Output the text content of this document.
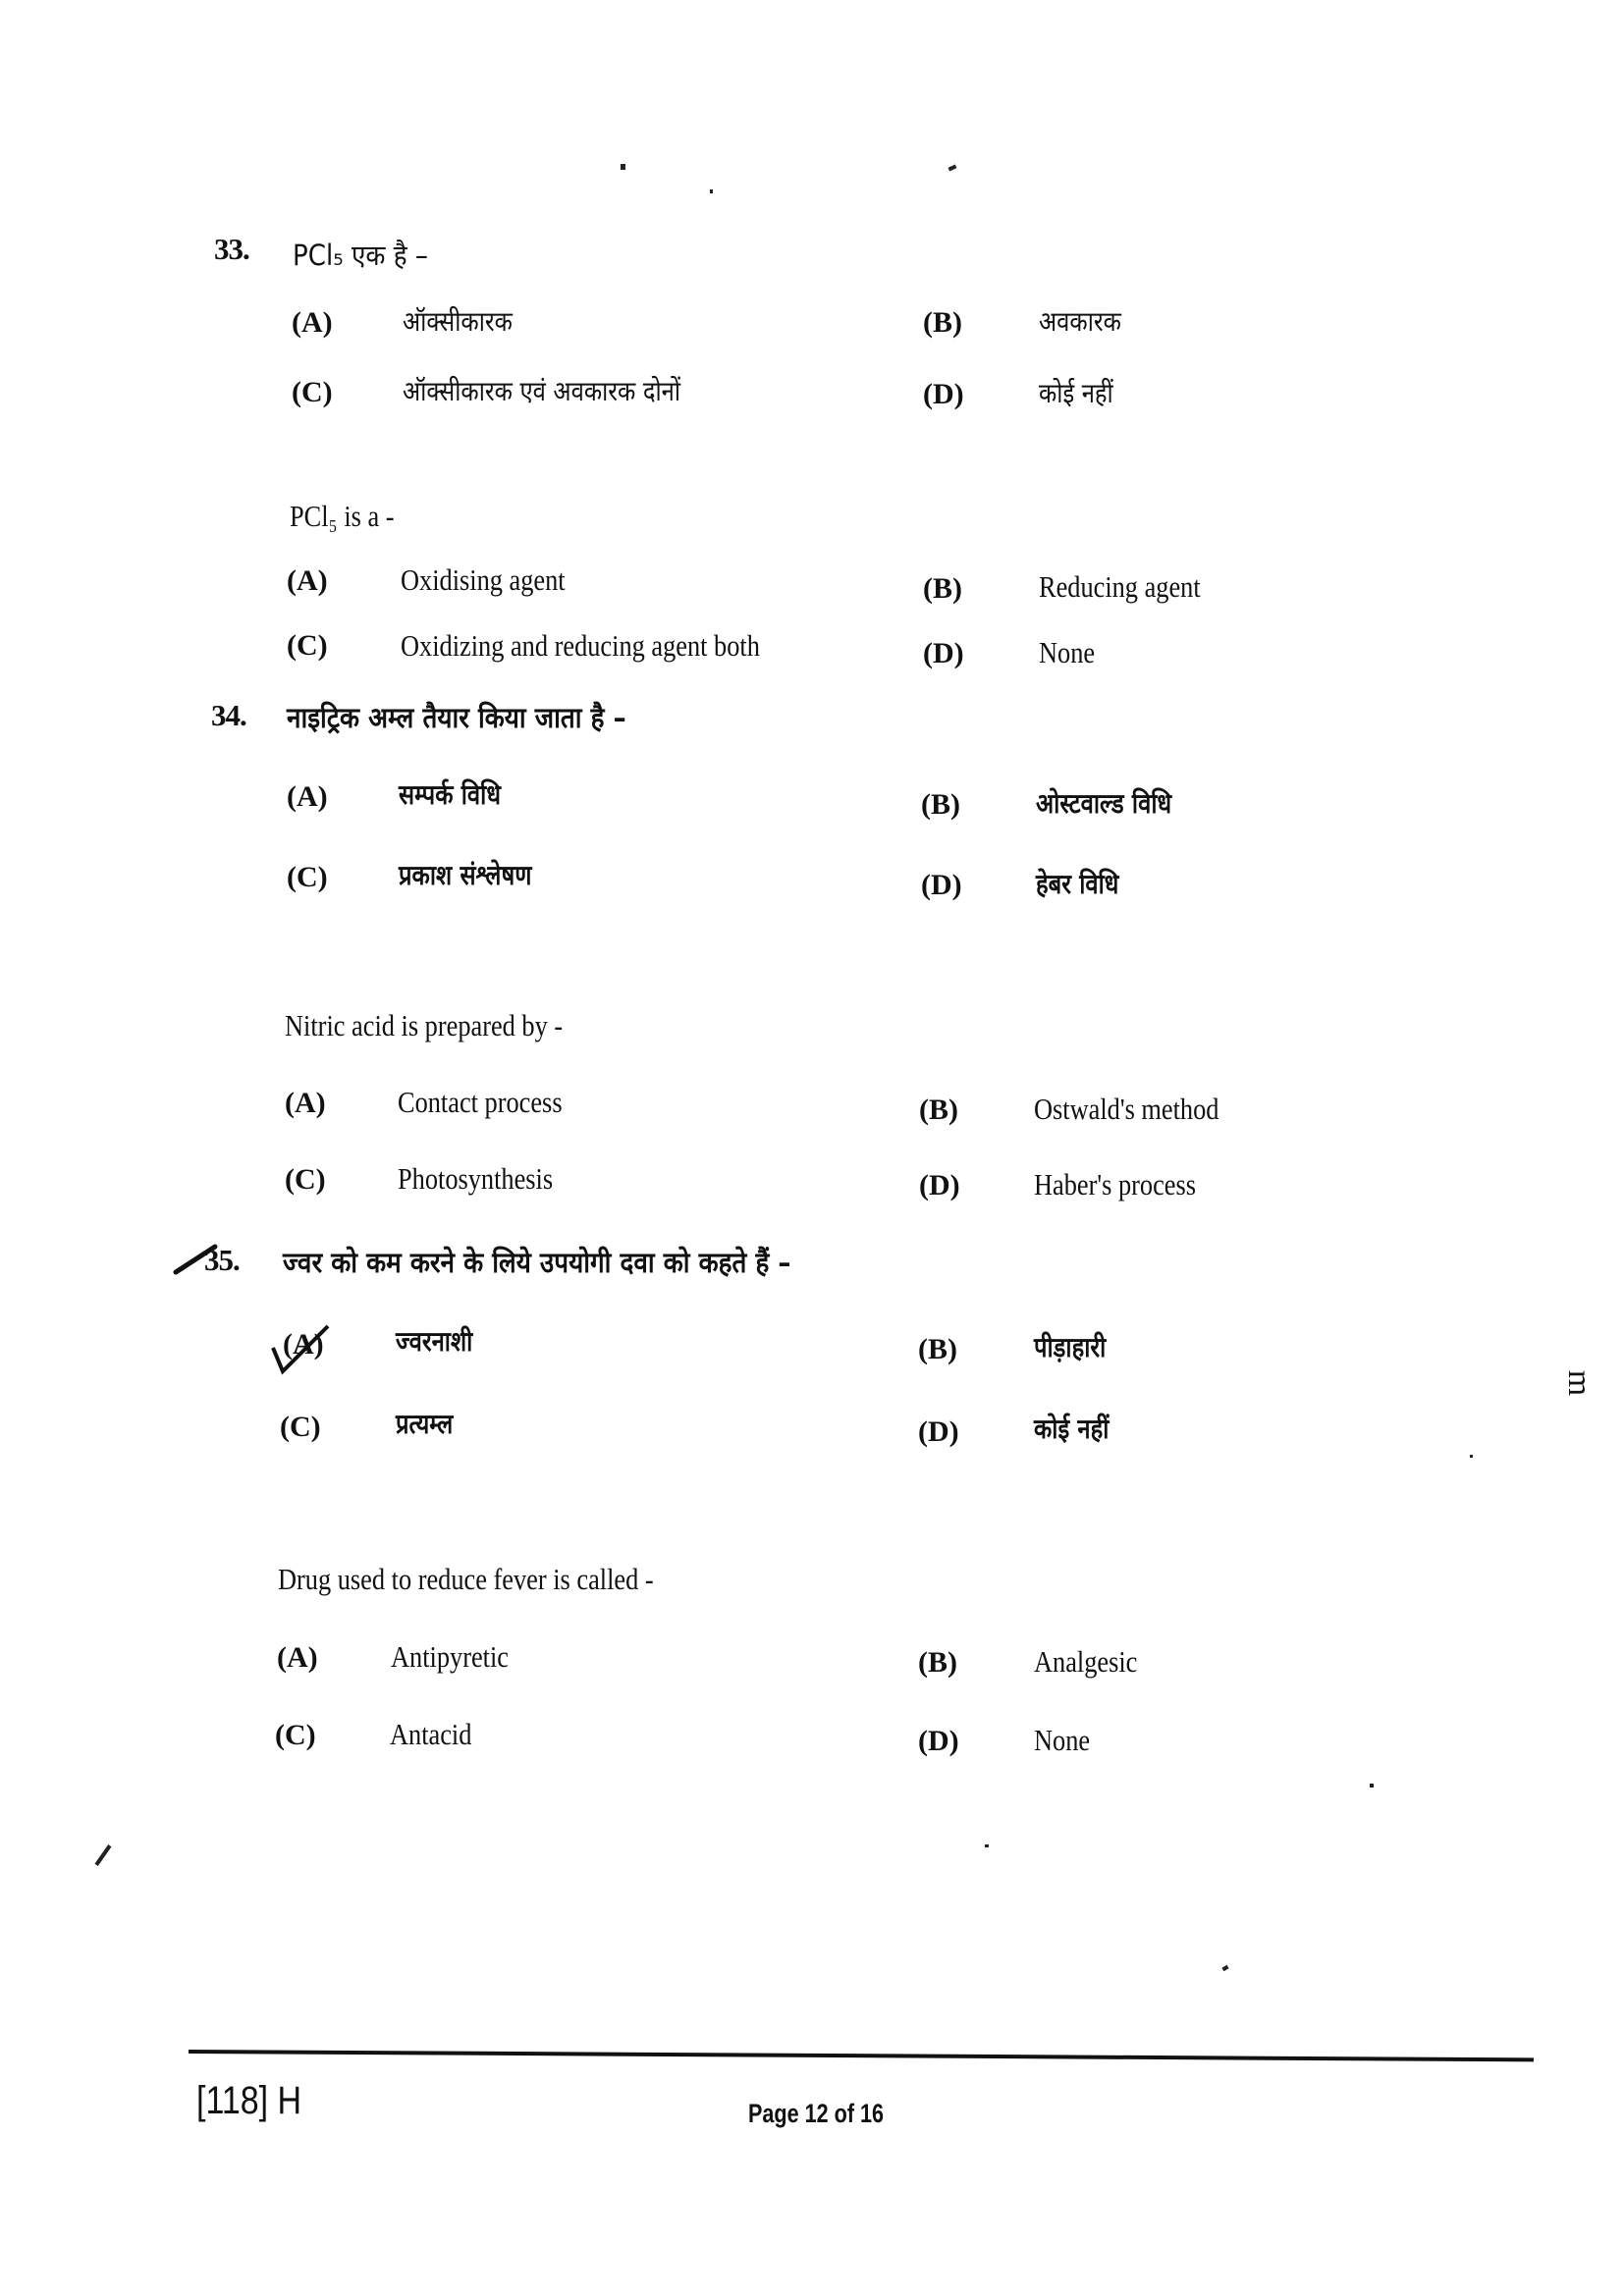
33. PCl₅ एक है –
(A)	ऑक्सीकारक	(B)	अवकारक
(C)	ऑक्सीकारक एवं अवकारक दोनों	(D)	कोई नहीं
PCl₅ is a -
(A) Oxidising agent	(B)	Reducing agent
(C) Oxidizing and reducing agent both	(D) None
34. नाइट्रिक अम्ल तैयार किया जाता है –
(A)	सम्पर्क विधि	(B)	ओस्टवाल्ड विधि
(C)	प्रकाश संश्लेषण	(D)	हेबर विधि
Nitric acid is prepared by -
(A) Contact process	(B) Ostwald's method
(C) Photosynthesis	(D) Haber's process
35. ज्वर को कम करने के लिये उपयोगी दवा को कहते हैं –
(A)	ज्वरनाशी	(B)	पीड़ाहारी
(C)	प्रत्यम्ल	(D)	कोई नहीं
Drug used to reduce fever is called -
(A) Antipyretic	(B)	Analgesic
(C) Antacid	(D) None
m
[118] H	Page 12 of 16
